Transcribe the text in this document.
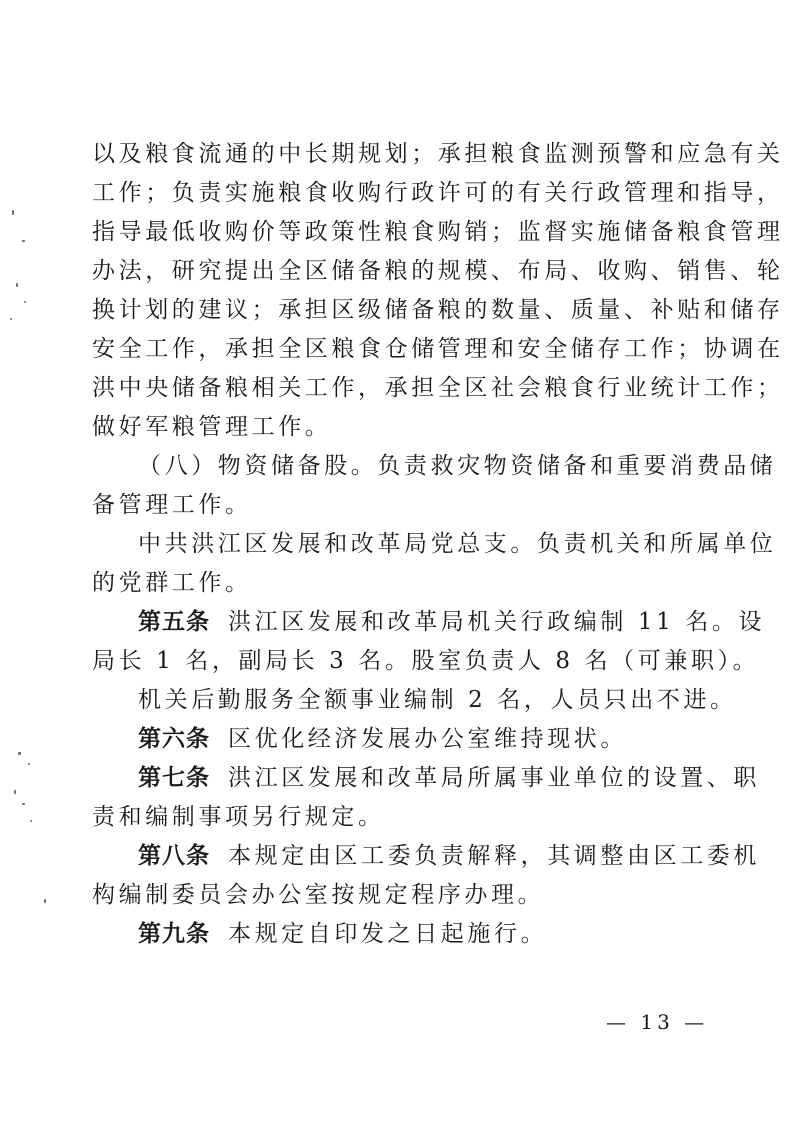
以及粮食流通的中长期规划；承担粮食监测预警和应急有关
工作；负责实施粮食收购行政许可的有关行政管理和指导，
指导最低收购价等政策性粮食购销；监督实施储备粮食管理
办法，研究提出全区储备粮的规模、布局、收购、销售、轮
换计划的建议；承担区级储备粮的数量、质量、补贴和储存
安全工作，承担全区粮食仓储管理和安全储存工作；协调在
洪中央储备粮相关工作，承担全区社会粮食行业统计工作；
做好军粮管理工作。
（八）物资储备股。负责救灾物资储备和重要消费品储
备管理工作。
中共洪江区发展和改革局党总支。负责机关和所属单位
的党群工作。
第五条 洪江区发展和改革局机关行政编制 11 名。设
局长 1 名，副局长 3 名。股室负责人 8 名（可兼职）。
机关后勤服务全额事业编制 2 名，人员只出不进。
第六条 区优化经济发展办公室维持现状。
第七条 洪江区发展和改革局所属事业单位的设置、职
责和编制事项另行规定。
第八条 本规定由区工委负责解释，其调整由区工委机
构编制委员会办公室按规定程序办理。
第九条 本规定自印发之日起施行。
— 13 —
